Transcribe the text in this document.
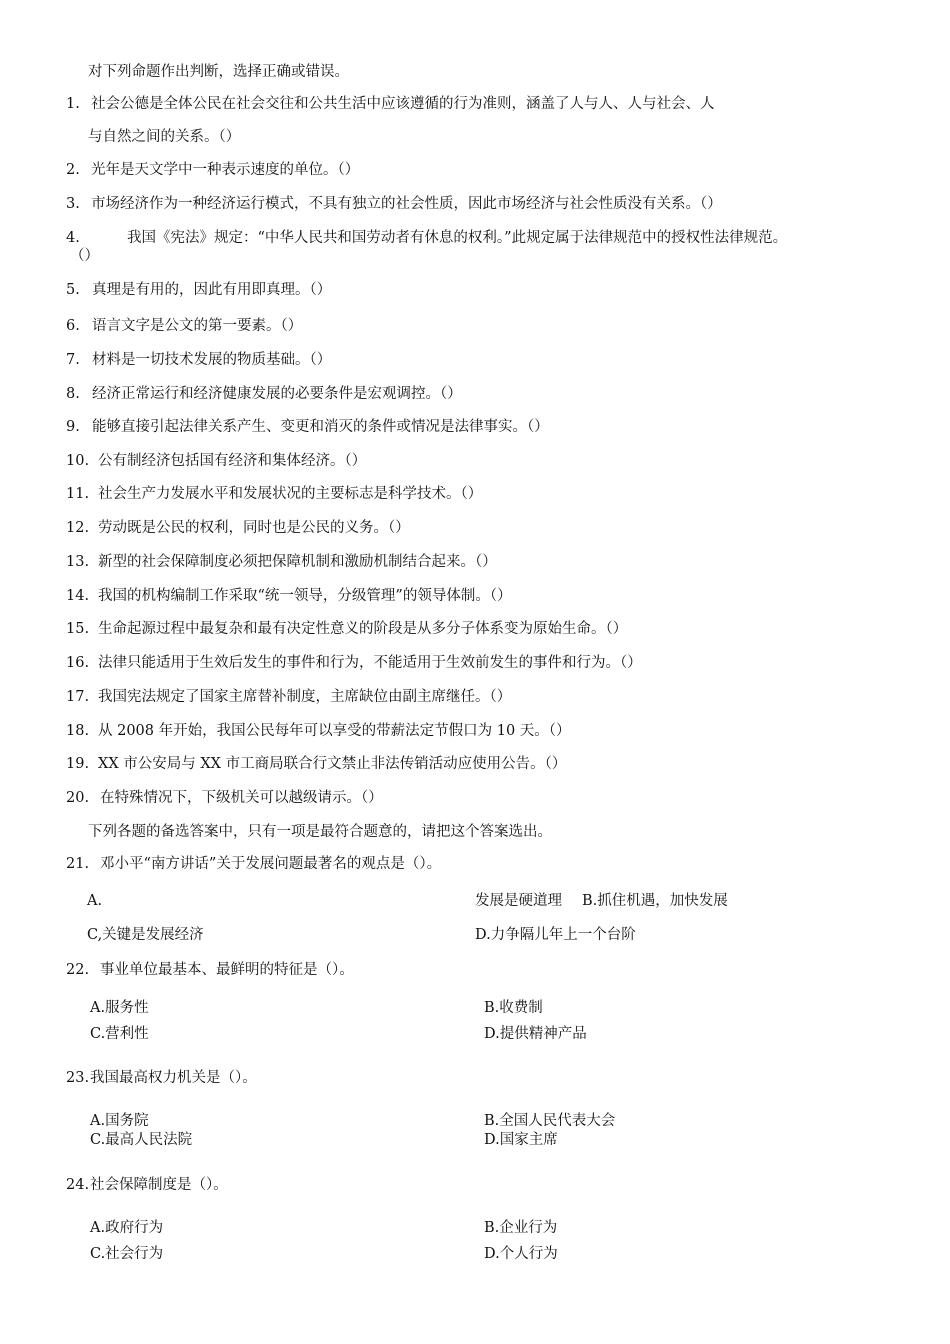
对下列命题作出判断，选择正确或错误。
1. 社会公德是全体公民在社会交往和公共生活中应该遵循的行为准则，涵盖了人与人、人与社会、人
与自然之间的关系。（）
2. 光年是天文学中一种表示速度的单位。（）
3. 市场经济作为一种经济运行模式，不具有独立的社会性质，因此市场经济与社会性质没有关系。（）
4.	我国《宪法》规定：“中华人民共和国劳动者有休息的权利。”此规定属于法律规范中的授权性法律规范。
（）
5. 真理是有用的，因此有用即真理。（）
6. 语言文字是公文的第一要素。（）
7. 材料是一切技术发展的物质基础。（）
8. 经济正常运行和经济健康发展的必要条件是宏观调控。（）
9. 能够直接引起法律关系产生、变更和消灭的条件或情况是法律事实。（）
10. 公有制经济包括国有经济和集体经济。（）
11. 社会生产力发展水平和发展状况的主要标志是科学技术。（）
12. 劳动既是公民的权利，同时也是公民的义务。（）
13. 新型的社会保障制度必须把保障机制和激励机制结合起来。（）
14. 我国的机构编制工作采取“统一领导，分级管理”的领导体制。（）
15. 生命起源过程中最复杂和最有决定性意义的阶段是从多分子体系变为原始生命。（）
16. 法律只能适用于生效后发生的事件和行为，不能适用于生效前发生的事件和行为。（）
17. 我国宪法规定了国家主席替补制度，主席缺位由副主席继任。（）
18. 从 2008 年开始，我国公民每年可以享受的带薪法定节假口为 10 天。（）
19. XX 市公安局与 XX 市工商局联合行文禁止非法传销活动应使用公告。（）
20. 在特殊情况下，下级机关可以越级请示。（）
下列各题的备选答案中，只有一项是最符合题意的，请把这个答案选出。
21. 邓小平“南方讲话”关于发展问题最著名的观点是（）。
A.	发展是硬道理 B.抓住机遇，加快发展
C,关键是发展经济	D.力争隔儿年上一个台阶
22. 事业单位最基本、最鲜明的特征是（）。
A.服务性	B.收费制
C.营利性	D.提供精神产品
23. 我国最高权力机关是（）。
A.国务院	B.全国人民代表大会
C.最高人民法院	D.国家主席
24. 社会保障制度是（）。
A.政府行为	B.企业行为
C.社会行为	D.个人行为
